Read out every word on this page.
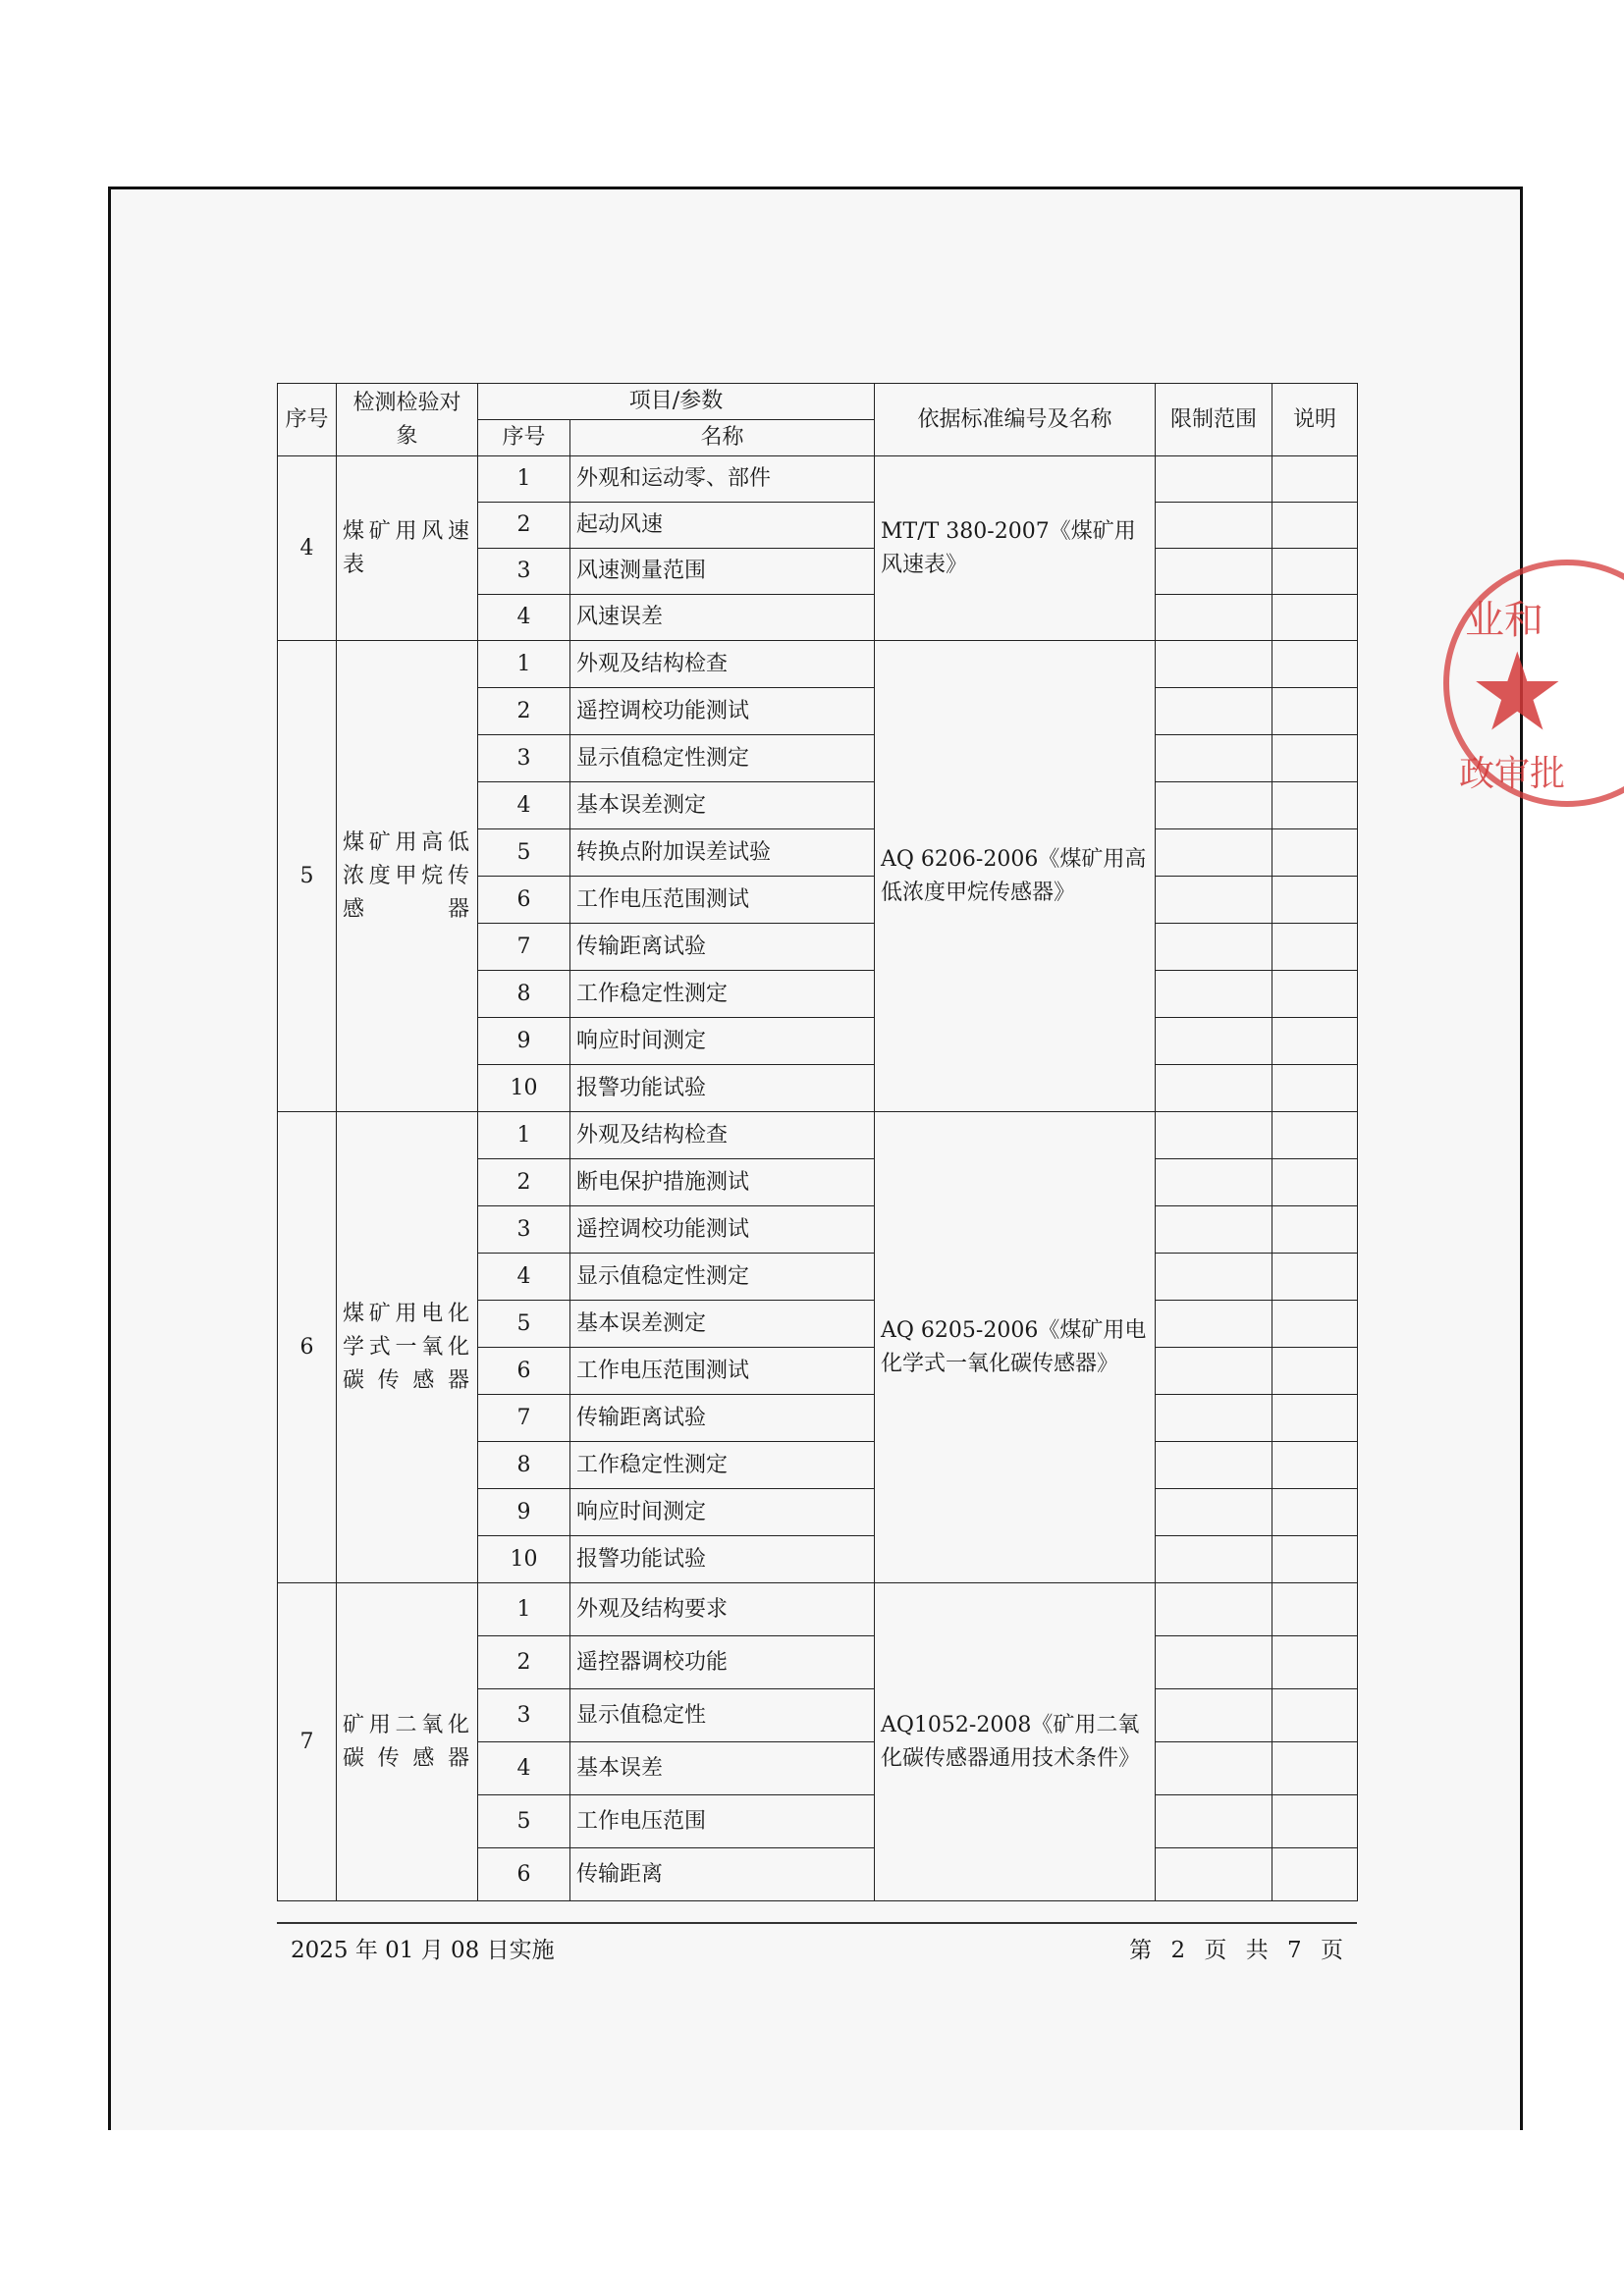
序号	检测检验对象	项目/参数		依据标准编号及名称	限制范围	说明
		序号	名称			
4	煤矿用风速表	1	外观和运动零、部件	MT/T 380-2007《煤矿用风速表》		
		2	起动风速			
		3	风速测量范围			
		4	风速误差			
5	煤矿用高低浓度甲烷传感器	1	外观及结构检查	AQ 6206-2006《煤矿用高低浓度甲烷传感器》		
		2	遥控调校功能测试			
		3	显示值稳定性测定			
		4	基本误差测定			
		5	转换点附加误差试验			
		6	工作电压范围测试			
		7	传输距离试验			
		8	工作稳定性测定			
		9	响应时间测定			
		10	报警功能试验			
6	煤矿用电化学式一氧化碳传感器	1	外观及结构检查	AQ 6205-2006《煤矿用电化学式一氧化碳传感器》		
		2	断电保护措施测试			
		3	遥控调校功能测试			
		4	显示值稳定性测定			
		5	基本误差测定			
		6	工作电压范围测试			
		7	传输距离试验			
		8	工作稳定性测定			
		9	响应时间测定			
		10	报警功能试验			
7	矿用二氧化碳传感器	1	外观及结构要求	AQ1052-2008《矿用二氧化碳传感器通用技术条件》		
		2	遥控器调校功能			
		3	显示值稳定性			
		4	基本误差			
		5	工作电压范围			
		6	传输距离			
2025 年 01 月 08 日实施	第 2 页 共 7 页
业和
★
政审批
